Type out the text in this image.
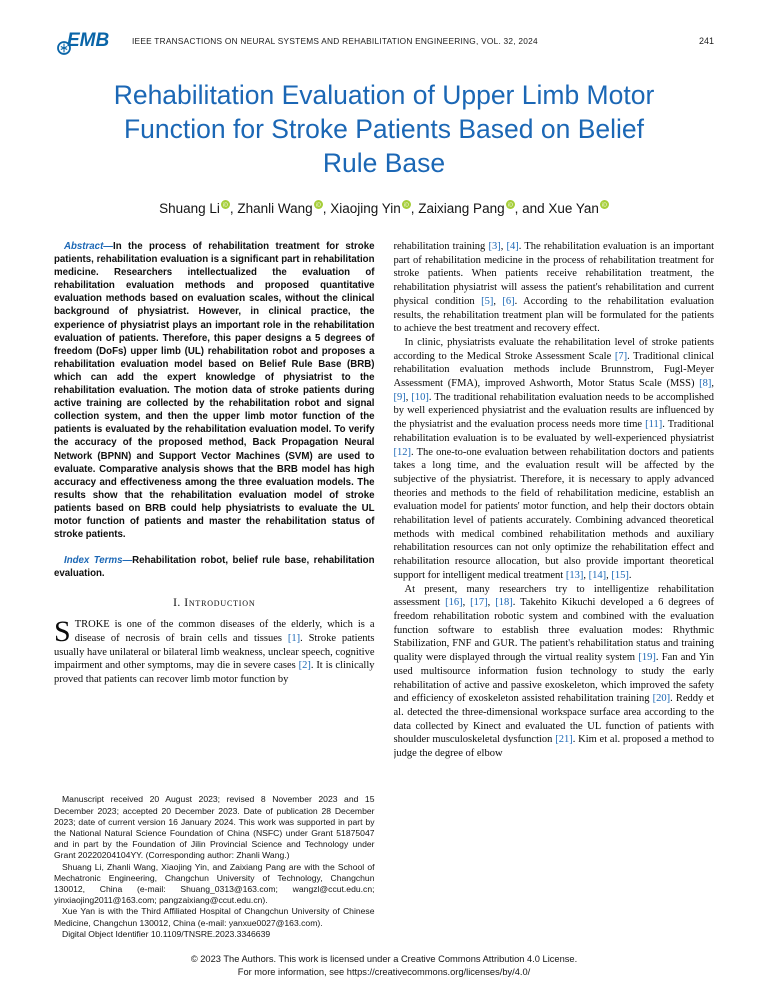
EMB	IEEE TRANSACTIONS ON NEURAL SYSTEMS AND REHABILITATION ENGINEERING, VOL. 32, 2024	241
Rehabilitation Evaluation of Upper Limb Motor Function for Stroke Patients Based on Belief Rule Base
Shuang Li iD , Zhanli Wang iD , Xiaojing Yin iD , Zaixiang Pang iD , and Xue Yan iD

Abstract—In the process of rehabilitation treatment for stroke patients, rehabilitation evaluation is a significant part in rehabilitation medicine. Researchers intellectualized the evaluation of rehabilitation evaluation methods and proposed quantitative evaluation methods based on evaluation scales, without the clinical background of physiatrist. However, in clinical practice, the experience of physiatrist plays an important role in the rehabilitation evaluation of patients. Therefore, this paper designs a 5 degrees of freedom (DoFs) upper limb (UL) rehabilitation robot and proposes a rehabilitation evaluation model based on Belief Rule Base (BRB) which can add the expert knowledge of physiatrist to the rehabilitation evaluation. The motion data of stroke patients during active training are collected by the rehabilitation robot and signal collection system, and then the upper limb motor function of the patients is evaluated by the rehabilitation evaluation model. To verify the accuracy of the proposed method, Back Propagation Neural Network (BPNN) and Support Vector Machines (SVM) are used to evaluate. Comparative analysis shows that the BRB model has high accuracy and effectiveness among the three evaluation models. The results show that the rehabilitation evaluation model of stroke patients based on BRB could help physiatrists to evaluate the UL motor function of patients and master the rehabilitation status of stroke patients.

Index Terms—Rehabilitation robot, belief rule base, rehabilitation evaluation.

I. Introduction

STROKE is one of the common diseases of the elderly, which is a disease of necrosis of brain cells and tissues [1]. Stroke patients usually have unilateral or bilateral limb weakness, unclear speech, cognitive impairment and other symptoms, may die in severe cases [2]. It is clinically proved that patients can recover limb motor function by

Manuscript received 20 August 2023; revised 8 November 2023 and 15 December 2023; accepted 20 December 2023. Date of publication 28 December 2023; date of current version 16 January 2024. This work was supported in part by the National Natural Science Foundation of China (NSFC) under Grant 51875047 and in part by the Foundation of Jilin Provincial Science and Technology under Grant 20220204104YY. (Corresponding author: Zhanli Wang.)

Shuang Li, Zhanli Wang, Xiaojing Yin, and Zaixiang Pang are with the School of Mechatronic Engineering, Changchun University of Technology, Changchun 130012, China (e-mail: Shuang_0313@163.com; wangzl@ccut.edu.cn; yinxiaojing2011@163.com; pangzaixiang@ccut.edu.cn).

Xue Yan is with the Third Affiliated Hospital of Changchun University of Chinese Medicine, Changchun 130012, China (e-mail: yanxue0027@163.com).

Digital Object Identifier 10.1109/TNSRE.2023.3346639

rehabilitation training [3], [4]. The rehabilitation evaluation is an important part of rehabilitation medicine in the process of rehabilitation treatment for stroke patients. When patients receive rehabilitation treatment, the rehabilitation physiatrist will assess the patient's rehabilitation and current physical condition [5], [6]. According to the rehabilitation evaluation results, the rehabilitation treatment plan will be formulated for the patients to achieve the best treatment and recovery effect.

In clinic, physiatrists evaluate the rehabilitation level of stroke patients according to the Medical Stroke Assessment Scale [7]. Traditional clinical rehabilitation evaluation methods include Brunnstrom, Fugl-Meyer Assessment (FMA), improved Ashworth, Motor Status Scale (MSS) [8], [9], [10]. The traditional rehabilitation evaluation needs to be accomplished by well experienced physiatrist and the evaluation results are influenced by the physiatrist and the evaluation process needs more time [11]. Traditional rehabilitation evaluation is to be evaluated by well-experienced physiatrist [12]. The one-to-one evaluation between rehabilitation doctors and patients takes a long time, and the evaluation result will be affected by the subjective of the physiatrist. Therefore, it is necessary to apply advanced theories and methods to the field of rehabilitation medicine, establish an evaluation model for patients' motor function, and help their doctors obtain rehabilitation level of patients accurately. Combining advanced theoretical methods with medical combined rehabilitation methods and auxiliary rehabilitation resources can not only optimize the rehabilitation effect and rehabilitation resource allocation, but also provide important theoretical support for intelligent medical treatment [13], [14], [15].

At present, many researchers try to intelligentize rehabilitation assessment [16], [17], [18]. Takehito Kikuchi developed a 6 degrees of freedom rehabilitation robotic system and combined with the evaluation function software to establish three evaluation modes: Rhythmic Stabilization, FNF and GUR. The patient's rehabilitation status and training quality were displayed through the virtual reality system [19]. Fan and Yin used multisource information fusion technology to study the early rehabilitation of active and passive exoskeleton, which improved the safety and efficiency of exoskeleton assisted rehabilitation training [20]. Reddy et al. detected the three-dimensional workspace surface area according to the data collected by Kinect and evaluated the UL function of patients with shoulder musculoskeletal dysfunction [21]. Kim et al. proposed a method to judge the degree of elbow

© 2023 The Authors. This work is licensed under a Creative Commons Attribution 4.0 License.
For more information, see https://creativecommons.org/licenses/by/4.0/
